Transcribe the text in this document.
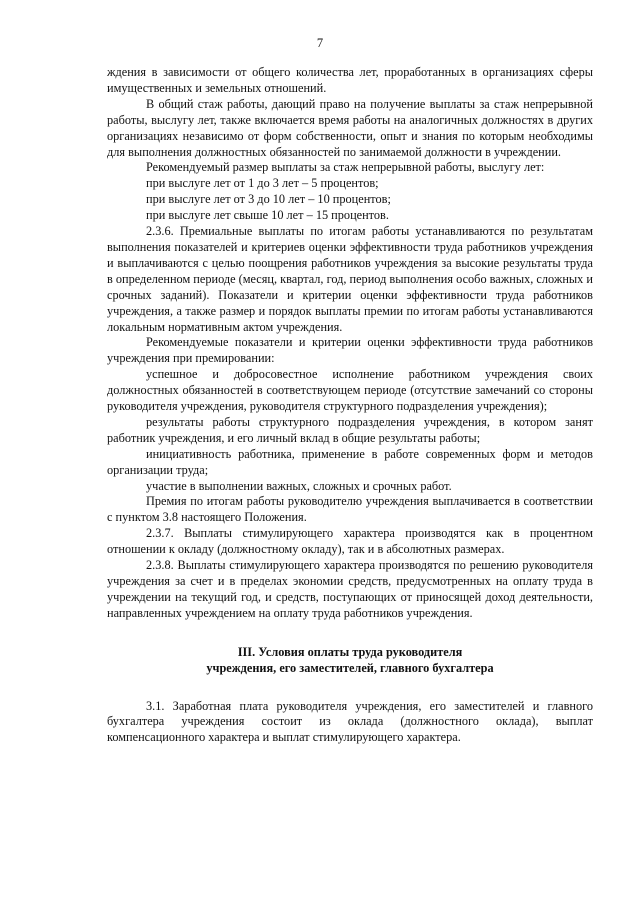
7

ждения в зависимости от общего количества лет, проработанных в организациях сферы имущественных и земельных отношений.

В общий стаж работы, дающий право на получение выплаты за стаж непрерывной работы, выслугу лет, также включается время работы на аналогичных должностях в других организациях независимо от форм собственности, опыт и знания по которым необходимы для выполнения должностных обязанностей по занимаемой должности в учреждении.

Рекомендуемый размер выплаты за стаж непрерывной работы, выслугу лет:

при выслуге лет от 1 до 3 лет – 5 процентов;

при выслуге лет от 3 до 10 лет – 10 процентов;

при выслуге лет свыше 10 лет – 15 процентов.

2.3.6. Премиальные выплаты по итогам работы устанавливаются по результатам выполнения показателей и критериев оценки эффективности труда работников учреждения и выплачиваются с целью поощрения работников учреждения за высокие результаты труда в определенном периоде (месяц, квартал, год, период выполнения особо важных, сложных и срочных заданий). Показатели и критерии оценки эффективности труда работников учреждения, а также размер и порядок выплаты премии по итогам работы устанавливаются локальным нормативным актом учреждения.

Рекомендуемые показатели и критерии оценки эффективности труда работников учреждения при премировании:

успешное и добросовестное исполнение работником учреждения своих должностных обязанностей в соответствующем периоде (отсутствие замечаний со стороны руководителя учреждения, руководителя структурного подразделения учреждения);

результаты работы структурного подразделения учреждения, в котором занят работник учреждения, и его личный вклад в общие результаты работы;

инициативность работника, применение в работе современных форм и методов организации труда;

участие в выполнении важных, сложных и срочных работ.

Премия по итогам работы руководителю учреждения выплачивается в соответствии с пунктом 3.8 настоящего Положения.

2.3.7. Выплаты стимулирующего характера производятся как в процентном отношении к окладу (должностному окладу), так и в абсолютных размерах.

2.3.8. Выплаты стимулирующего характера производятся по решению руководителя учреждения за счет и в пределах экономии средств, предусмотренных на оплату труда в учреждении на текущий год, и средств, поступающих от приносящей доход деятельности, направленных учреждением на оплату труда работников учреждения.

III. Условия оплаты труда руководителя
учреждения, его заместителей, главного бухгалтера

3.1. Заработная плата руководителя учреждения, его заместителей и главного бухгалтера учреждения состоит из оклада (должностного оклада), выплат компенсационного характера и выплат стимулирующего характера.
